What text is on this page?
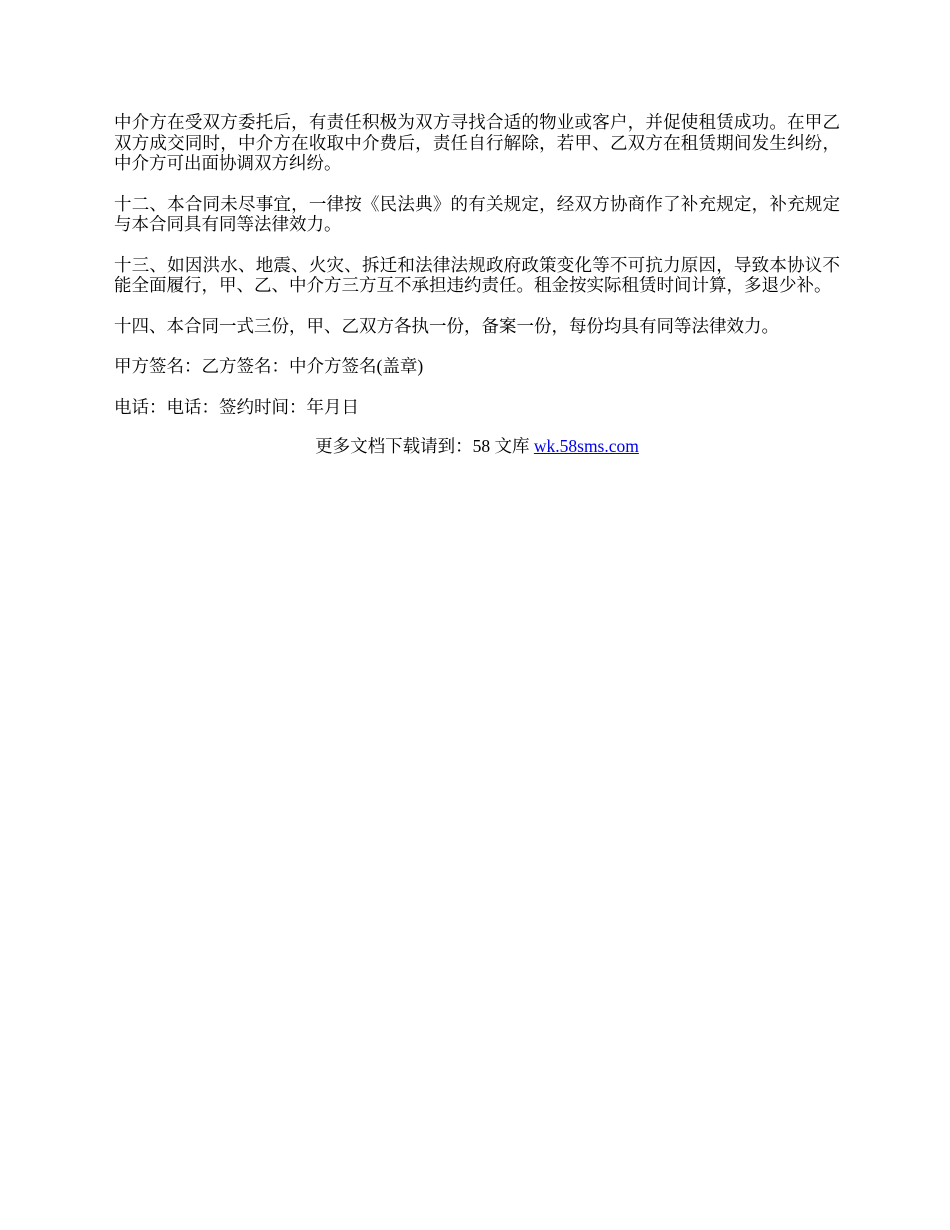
中介方在受双方委托后，有责任积极为双方寻找合适的物业或客户，并促使租赁成功。在甲乙双方成交同时，中介方在收取中介费后，责任自行解除，若甲、乙双方在租赁期间发生纠纷，中介方可出面协调双方纠纷。

十二、本合同未尽事宜，一律按《民法典》的有关规定，经双方协商作了补充规定，补充规定与本合同具有同等法律效力。

十三、如因洪水、地震、火灾、拆迁和法律法规政府政策变化等不可抗力原因，导致本协议不能全面履行，甲、乙、中介方三方互不承担违约责任。租金按实际租赁时间计算，多退少补。

十四、本合同一式三份，甲、乙双方各执一份，备案一份，每份均具有同等法律效力。

甲方签名：乙方签名：中介方签名(盖章)

电话：电话：签约时间：年月日

更多文档下载请到：58 文库 wk.58sms.com
